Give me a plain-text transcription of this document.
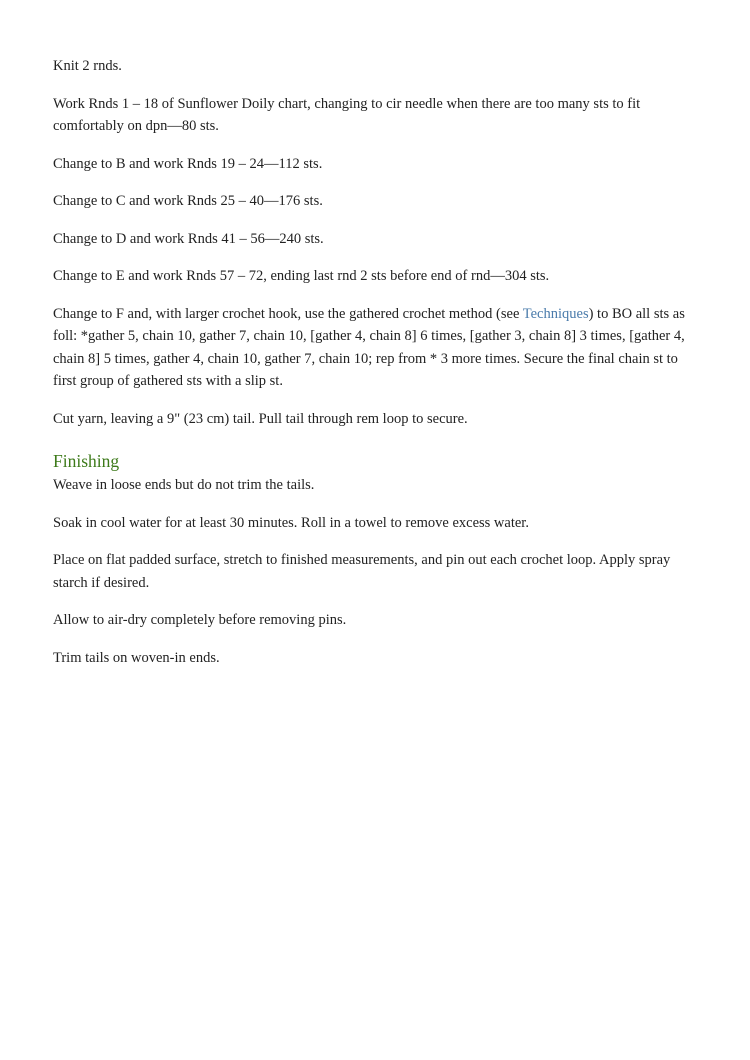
Knit 2 rnds.

Work Rnds 1 – 18 of Sunflower Doily chart, changing to cir needle when there are too many sts to fit comfortably on dpn—80 sts.

Change to B and work Rnds 19 – 24—112 sts.

Change to C and work Rnds 25 – 40—176 sts.

Change to D and work Rnds 41 – 56—240 sts.

Change to E and work Rnds 57 – 72, ending last rnd 2 sts before end of rnd—304 sts.

Change to F and, with larger crochet hook, use the gathered crochet method (see Techniques) to BO all sts as foll: *gather 5, chain 10, gather 7, chain 10, [gather 4, chain 8] 6 times, [gather 3, chain 8] 3 times, [gather 4, chain 8] 5 times, gather 4, chain 10, gather 7, chain 10; rep from * 3 more times. Secure the final chain st to first group of gathered sts with a slip st.

Cut yarn, leaving a 9" (23 cm) tail. Pull tail through rem loop to secure.

Finishing

Weave in loose ends but do not trim the tails.

Soak in cool water for at least 30 minutes. Roll in a towel to remove excess water.

Place on flat padded surface, stretch to finished measurements, and pin out each crochet loop. Apply spray starch if desired.

Allow to air-dry completely before removing pins.

Trim tails on woven-in ends.
